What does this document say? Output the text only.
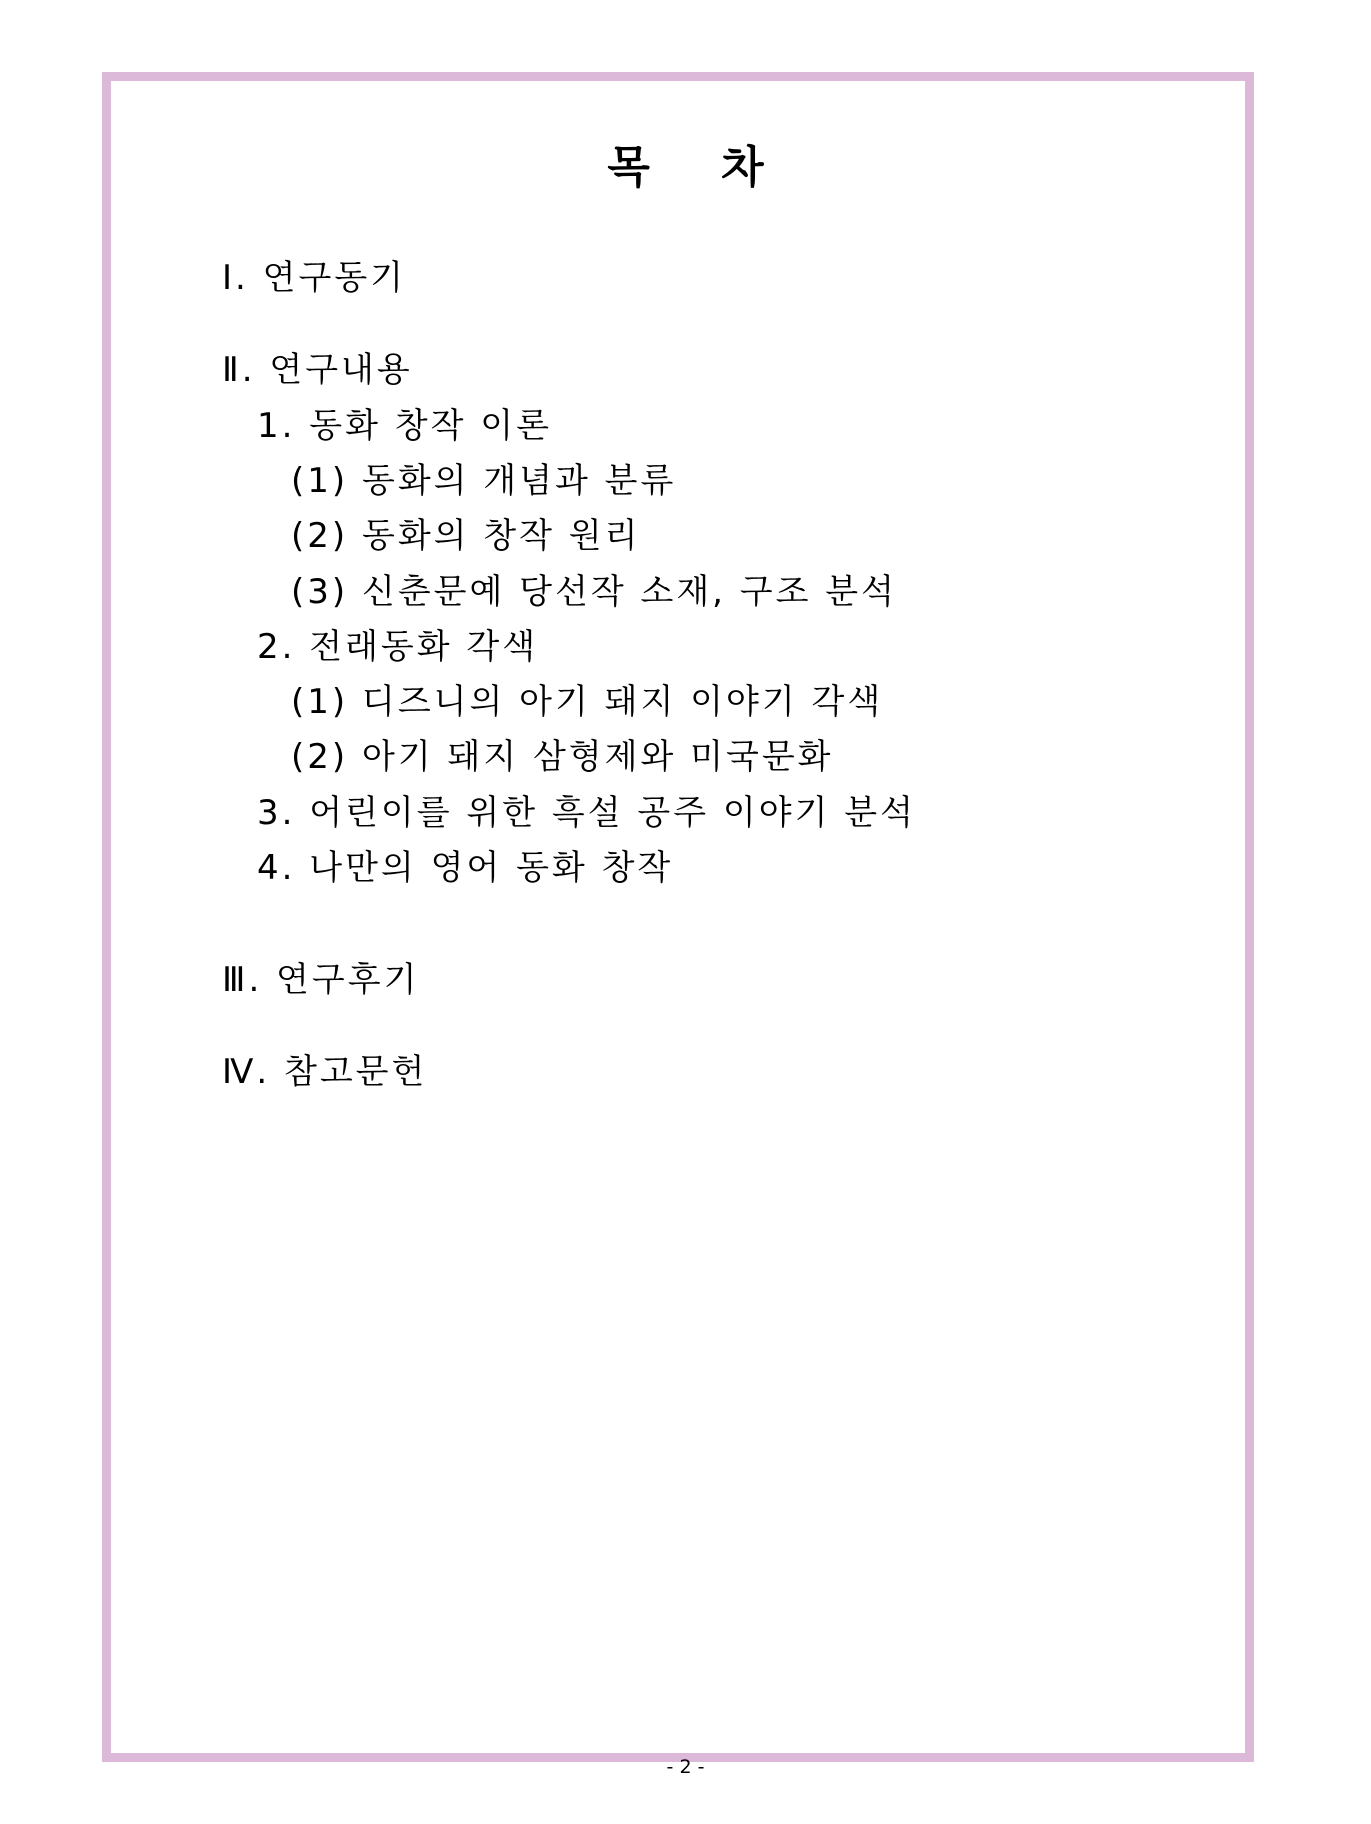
목 차
Ⅰ. 연구동기
Ⅱ. 연구내용
1. 동화 창작 이론
(1) 동화의 개념과 분류
(2) 동화의 창작 원리
(3) 신춘문예 당선작 소재, 구조 분석
2. 전래동화 각색
(1) 디즈니의 아기 돼지 이야기 각색
(2) 아기 돼지 삼형제와 미국문화
3. 어린이를 위한 흑설 공주 이야기 분석
4. 나만의 영어 동화 창작
Ⅲ. 연구후기
Ⅳ. 참고문헌
- 2 -
